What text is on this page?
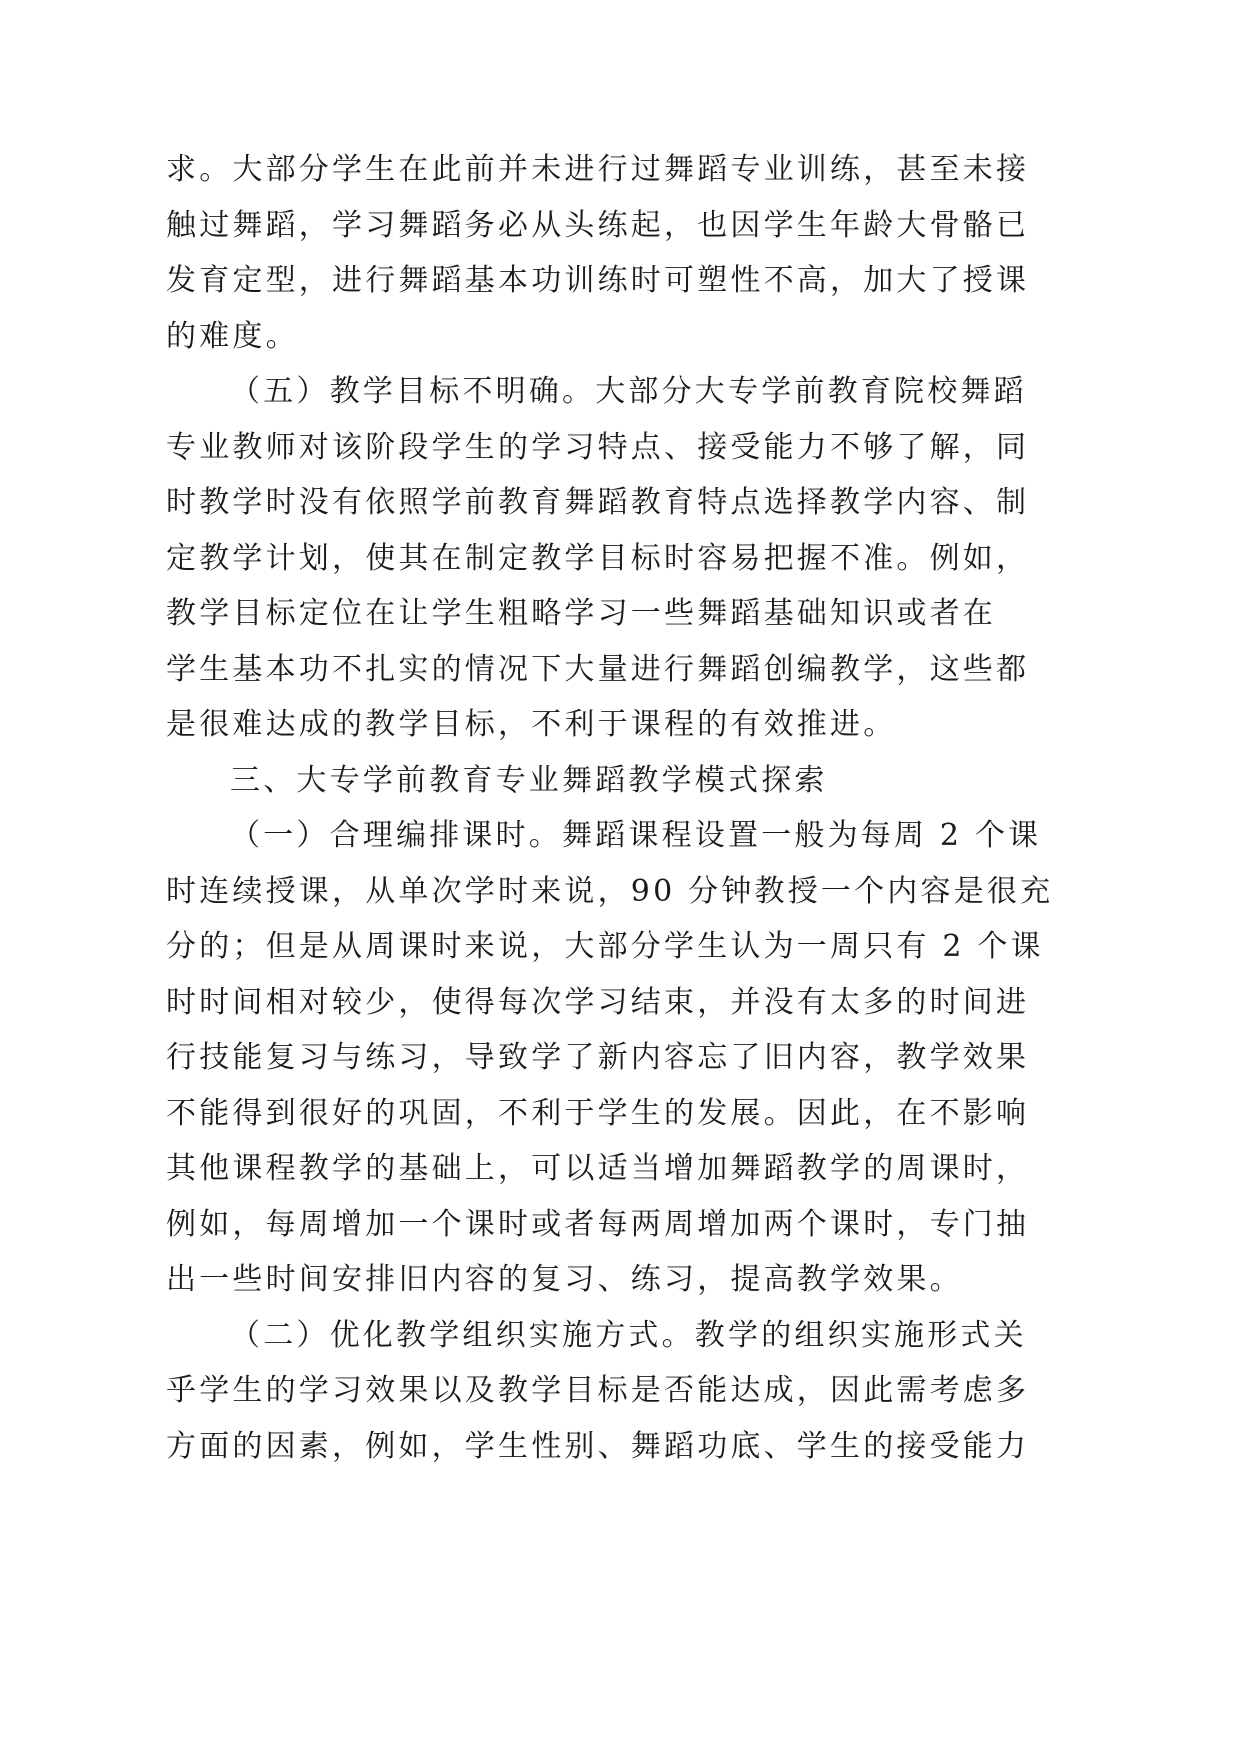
求。大部分学生在此前并未进行过舞蹈专业训练，甚至未接
触过舞蹈，学习舞蹈务必从头练起，也因学生年龄大骨骼已
发育定型，进行舞蹈基本功训练时可塑性不高，加大了授课
的难度。
（五）教学目标不明确。大部分大专学前教育院校舞蹈
专业教师对该阶段学生的学习特点、接受能力不够了解，同
时教学时没有依照学前教育舞蹈教育特点选择教学内容、制
定教学计划，使其在制定教学目标时容易把握不准。例如，
教学目标定位在让学生粗略学习一些舞蹈基础知识或者在
学生基本功不扎实的情况下大量进行舞蹈创编教学，这些都
是很难达成的教学目标，不利于课程的有效推进。
三、大专学前教育专业舞蹈教学模式探索
（一）合理编排课时。舞蹈课程设置一般为每周 2 个课
时连续授课，从单次学时来说，90 分钟教授一个内容是很充
分的；但是从周课时来说，大部分学生认为一周只有 2 个课
时时间相对较少，使得每次学习结束，并没有太多的时间进
行技能复习与练习，导致学了新内容忘了旧内容，教学效果
不能得到很好的巩固，不利于学生的发展。因此，在不影响
其他课程教学的基础上，可以适当增加舞蹈教学的周课时，
例如，每周增加一个课时或者每两周增加两个课时，专门抽
出一些时间安排旧内容的复习、练习，提高教学效果。
（二）优化教学组织实施方式。教学的组织实施形式关
乎学生的学习效果以及教学目标是否能达成，因此需考虑多
方面的因素，例如，学生性别、舞蹈功底、学生的接受能力
